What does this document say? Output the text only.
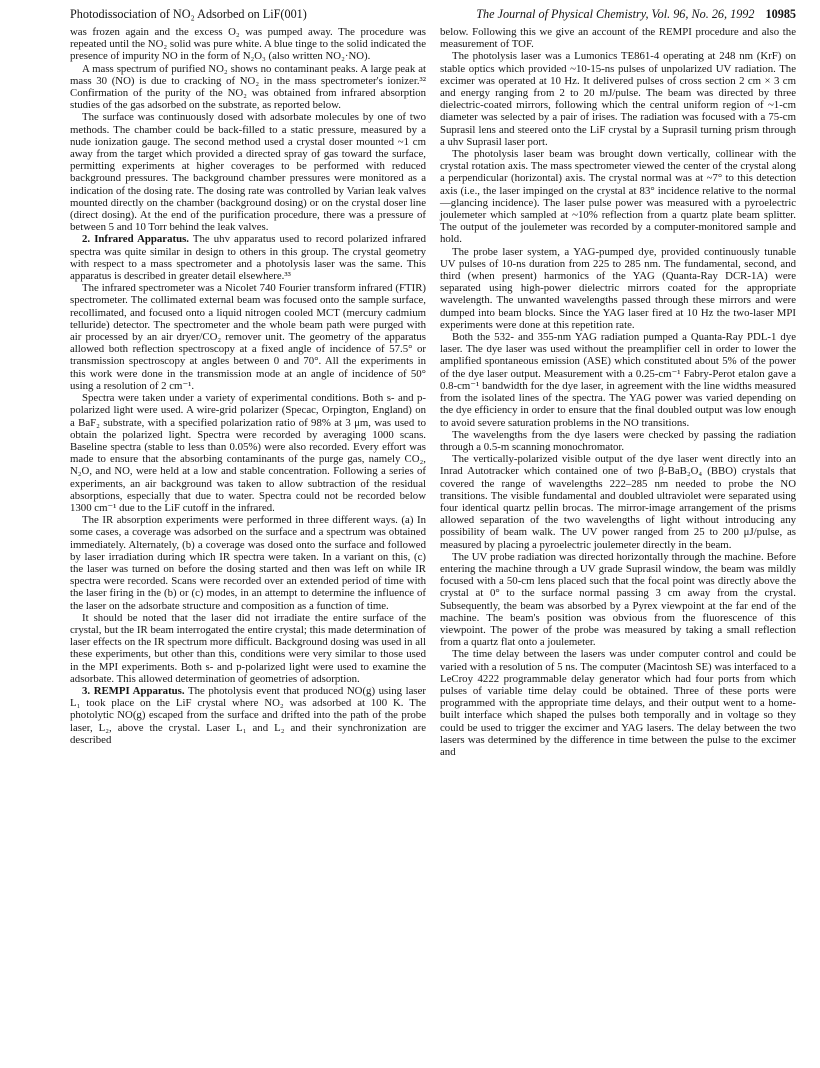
Photodissociation of NO₂ Adsorbed on LiF(001)	The Journal of Physical Chemistry, Vol. 96, No. 26, 1992 10985

was frozen again and the excess O₂ was pumped away. The procedure was repeated until the NO₂ solid was pure white. A blue tinge to the solid indicated the presence of impurity NO in the form of N₂O₃ (also written NO₂·NO).

A mass spectrum of purified NO₂ shows no contaminant peaks. A large peak at mass 30 (NO) is due to cracking of NO₂ in the mass spectrometer's ionizer.³² Confirmation of the purity of the NO₂ was obtained from infrared absorption studies of the gas adsorbed on the substrate, as reported below.

The surface was continuously dosed with adsorbate molecules by one of two methods. The chamber could be back-filled to a static pressure, measured by a nude ionization gauge. The second method used a crystal doser mounted ~1 cm away from the target which provided a directed spray of gas toward the surface, permitting experiments at higher coverages to be performed with reduced background pressures. The background chamber pressures were monitored as a indication of the dosing rate. The dosing rate was controlled by Varian leak valves mounted directly on the chamber (background dosing) or on the crystal doser line (direct dosing). At the end of the purification procedure, there was a pressure of between 5 and 10 Torr behind the leak valves.

2. Infrared Apparatus. The uhv apparatus used to record polarized infrared spectra was quite similar in design to others in this group. The crystal geometry with respect to a mass spectrometer and a photolysis laser was the same. This apparatus is described in greater detail elsewhere.³³

The infrared spectrometer was a Nicolet 740 Fourier transform infrared (FTIR) spectrometer. The collimated external beam was focused onto the sample surface, recollimated, and focused onto a liquid nitrogen cooled MCT (mercury cadmium telluride) detector. The spectrometer and the whole beam path were purged with air processed by an air dryer/CO₂ remover unit. The geometry of the apparatus allowed both reflection spectroscopy at a fixed angle of incidence of 57.5° or transmission spectroscopy at angles between 0 and 70°. All the experiments in this work were done in the transmission mode at an angle of incidence of 50° using a resolution of 2 cm⁻¹.

Spectra were taken under a variety of experimental conditions. Both s- and p-polarized light were used. A wire-grid polarizer (Specac, Orpington, England) on a BaF₂ substrate, with a specified polarization ratio of 98% at 3 μm, was used to obtain the polarized light. Spectra were recorded by averaging 1000 scans. Baseline spectra (stable to less than 0.05%) were also recorded. Every effort was made to ensure that the absorbing contaminants of the purge gas, namely CO₂, N₂O, and NO, were held at a low and stable concentration. Following a series of experiments, an air background was taken to allow subtraction of the residual absorptions, especially that due to water. Spectra could not be recorded below 1300 cm⁻¹ due to the LiF cutoff in the infrared.

The IR absorption experiments were performed in three different ways. (a) In some cases, a coverage was adsorbed on the surface and a spectrum was obtained immediately. Alternately, (b) a coverage was dosed onto the surface and followed by laser irradiation during which IR spectra were taken. In a variant on this, (c) the laser was turned on before the dosing started and then was left on while IR spectra were recorded. Scans were recorded over an extended period of time with the laser firing in the (b) or (c) modes, in an attempt to determine the influence of the laser on the adsorbate structure and composition as a function of time.

It should be noted that the laser did not irradiate the entire surface of the crystal, but the IR beam interrogated the entire crystal; this made determination of laser effects on the IR spectrum more difficult. Background dosing was used in all these experiments, but other than this, conditions were very similar to those used in the MPI experiments. Both s- and p-polarized light were used to examine the adsorbate. This allowed determination of geometries of adsorption.

3. REMPI Apparatus. The photolysis event that produced NO(g) using laser L₁ took place on the LiF crystal where NO₂ was adsorbed at 100 K. The photolytic NO(g) escaped from the surface and drifted into the path of the probe laser, L₂, above the crystal. Laser L₁ and L₂ and their synchronization are described

below. Following this we give an account of the REMPI procedure and also the measurement of TOF.

The photolysis laser was a Lumonics TE861-4 operating at 248 nm (KrF) on stable optics which provided ~10-15-ns pulses of unpolarized UV radiation. The excimer was operated at 10 Hz. It delivered pulses of cross section 2 cm × 3 cm and energy ranging from 2 to 20 mJ/pulse. The beam was directed by three dielectric-coated mirrors, following which the central uniform region of ~1-cm diameter was selected by a pair of irises. The radiation was focused with a 75-cm Suprasil lens and steered onto the LiF crystal by a Suprasil turning prism through a uhv Suprasil laser port.

The photolysis laser beam was brought down vertically, collinear with the crystal rotation axis. The mass spectrometer viewed the center of the crystal along a perpendicular (horizontal) axis. The crystal normal was at ~7° to this detection axis (i.e., the laser impinged on the crystal at 83° incidence relative to the normal—glancing incidence). The laser pulse power was measured with a pyroelectric joulemeter which sampled at ~10% reflection from a quartz plate beam splitter. The output of the joulemeter was recorded by a computer-monitored sample and hold.

The probe laser system, a YAG-pumped dye, provided continuously tunable UV pulses of 10-ns duration from 225 to 285 nm. The fundamental, second, and third (when present) harmonics of the YAG (Quanta-Ray DCR-1A) were separated using high-power dielectric mirrors coated for the appropriate wavelength. The unwanted wavelengths passed through these mirrors and were dumped into beam blocks. Since the YAG laser fired at 10 Hz the two-laser MPI experiments were done at this repetition rate.

Both the 532- and 355-nm YAG radiation pumped a Quanta-Ray PDL-1 dye laser. The dye laser was used without the preamplifier cell in order to lower the amplified spontaneous emission (ASE) which constituted about 5% of the power of the dye laser output. Measurement with a 0.25-cm⁻¹ Fabry-Perot etalon gave a 0.8-cm⁻¹ bandwidth for the dye laser, in agreement with the line widths measured from the isolated lines of the spectra. The YAG power was varied depending on the dye efficiency in order to ensure that the final doubled output was low enough to avoid severe saturation problems in the NO transitions.

The wavelengths from the dye lasers were checked by passing the radiation through a 0.5-m scanning monochromator.

The vertically-polarized visible output of the dye laser went directly into an Inrad Autotracker which contained one of two β-BaB₂O₄ (BBO) crystals that covered the range of wavelengths 222–285 nm needed to probe the NO transitions. The visible fundamental and doubled ultraviolet were separated using four identical quartz pellin brocas. The mirror-image arrangement of the prisms allowed separation of the two wavelengths of light without introducing any possibility of beam walk. The UV power ranged from 25 to 200 μJ/pulse, as measured by placing a pyroelectric joulemeter directly in the beam.

The UV probe radiation was directed horizontally through the machine. Before entering the machine through a UV grade Suprasil window, the beam was mildly focused with a 50-cm lens placed such that the focal point was directly above the crystal at 0° to the surface normal passing 3 cm away from the crystal. Subsequently, the beam was absorbed by a Pyrex viewpoint at the far end of the machine. The beam's position was obvious from the fluorescence of this viewpoint. The power of the probe was measured by taking a small reflection from a quartz flat onto a joulemeter.

The time delay between the lasers was under computer control and could be varied with a resolution of 5 ns. The computer (Macintosh SE) was interfaced to a LeCroy 4222 programmable delay generator which had four ports from which pulses of variable time delay could be obtained. Three of these ports were programmed with the appropriate time delays, and their output went to a home-built interface which shaped the pulses both temporally and in voltage so they could be used to trigger the excimer and YAG lasers. The delay between the two lasers was determined by the difference in time between the pulse to the excimer and
